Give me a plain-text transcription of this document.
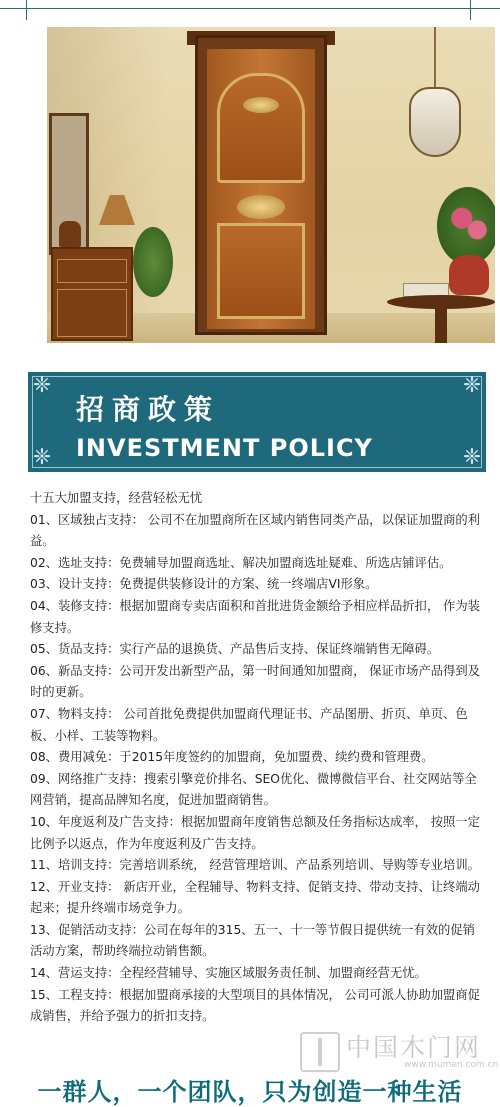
❈	❈
❈	❈
招商政策
INVESTMENT POLICY

十五大加盟支持，经营轻松无忧

01、区域独占支持： 公司不在加盟商所在区域内销售同类产品，以保证加盟商的利益。

02、选址支持：免费辅导加盟商选址、解决加盟商选址疑难、所选店铺评估。

03、设计支持：免费提供装修设计的方案、统一终端店VI形象。

04、装修支持：根据加盟商专卖店面积和首批进货金额给予相应样品折扣， 作为装修支持。

05、货品支持：实行产品的退换货、产品售后支持、保证终端销售无障碍。

06、新品支持：公司开发出新型产品，第一时间通知加盟商， 保证市场产品得到及时的更新。

07、物料支持： 公司首批免费提供加盟商代理证书、产品图册、折页、单页、色板、小样、工装等物料。

08、费用减免：于2015年度签约的加盟商，免加盟费、续约费和管理费。

09、网络推广支持：搜索引擎竞价排名、SEO优化、微博微信平台、社交网站等全网营销，提高品牌知名度，促进加盟商销售。

10、年度返利及广告支持：根据加盟商年度销售总额及任务指标达成率， 按照一定比例予以返点，作为年度返利及广告支持。

11、培训支持：完善培训系统， 经营管理培训、产品系列培训、导购等专业培训。

12、开业支持： 新店开业，全程辅导、物料支持、促销支持、带动支持、让终端动起来；提升终端市场竞争力。

13、促销活动支持：公司在每年的315、五一、十一等节假日提供统一有效的促销活动方案，帮助终端拉动销售额。

14、营运支持：全程经营辅导、实施区域服务责任制、加盟商经营无忧。

15、工程支持：根据加盟商承接的大型项目的具体情况， 公司可派人协助加盟商促成销售，并给予强力的折扣支持。

中国木门网
www.mumen.com.cn
一群人，一个团队，只为创造一种生活
